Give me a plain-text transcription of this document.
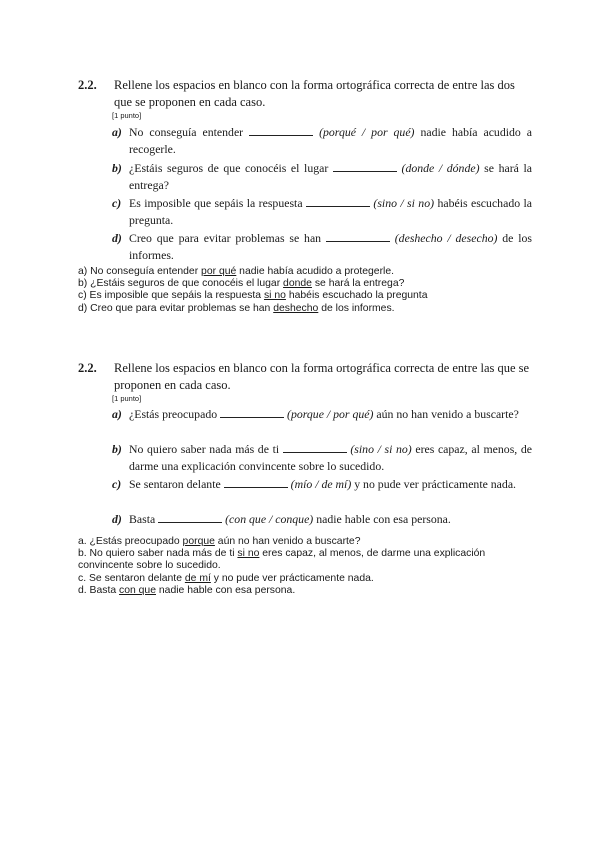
2.2. Rellene los espacios en blanco con la forma ortográfica correcta de entre las dos que se proponen en cada caso.
[1 punto]
a) No conseguía entender	(porqué / por qué) nadie había acudido a recogerle.
b) ¿Estáis seguros de que conocéis el lugar	(donde / dónde) se hará la entrega?
c) Es imposible que sepáis la respuesta	(sino / si no) habéis escuchado la pregunta.
d) Creo que para evitar problemas se han	(deshecho / desecho) de los informes.
a) No conseguía entender por qué nadie había acudido a protegerle.
b) ¿Estáis seguros de que conocéis el lugar donde se hará la entrega?
c) Es imposible que sepáis la respuesta si no habéis escuchado la pregunta
d) Creo que para evitar problemas se han deshecho de los informes.
2.2. Rellene los espacios en blanco con la forma ortográfica correcta de entre las que se proponen en cada caso.
[1 punto]
a) ¿Estás preocupado	(porque / por qué) aún no han venido a buscarte?
b) No quiero saber nada más de ti	(sino / si no) eres capaz, al menos, de darme una explicación convincente sobre lo sucedido.
c) Se sentaron delante	(mío / de mí) y no pude ver prácticamente nada.
d) Basta	(con que / conque) nadie hable con esa persona.
a. ¿Estás preocupado porque aún no han venido a buscarte?
b. No quiero saber nada más de ti si no eres capaz, al menos, de darme una explicación convincente sobre lo sucedido.
c. Se sentaron delante de mí y no pude ver prácticamente nada.
d. Basta con que nadie hable con esa persona.
